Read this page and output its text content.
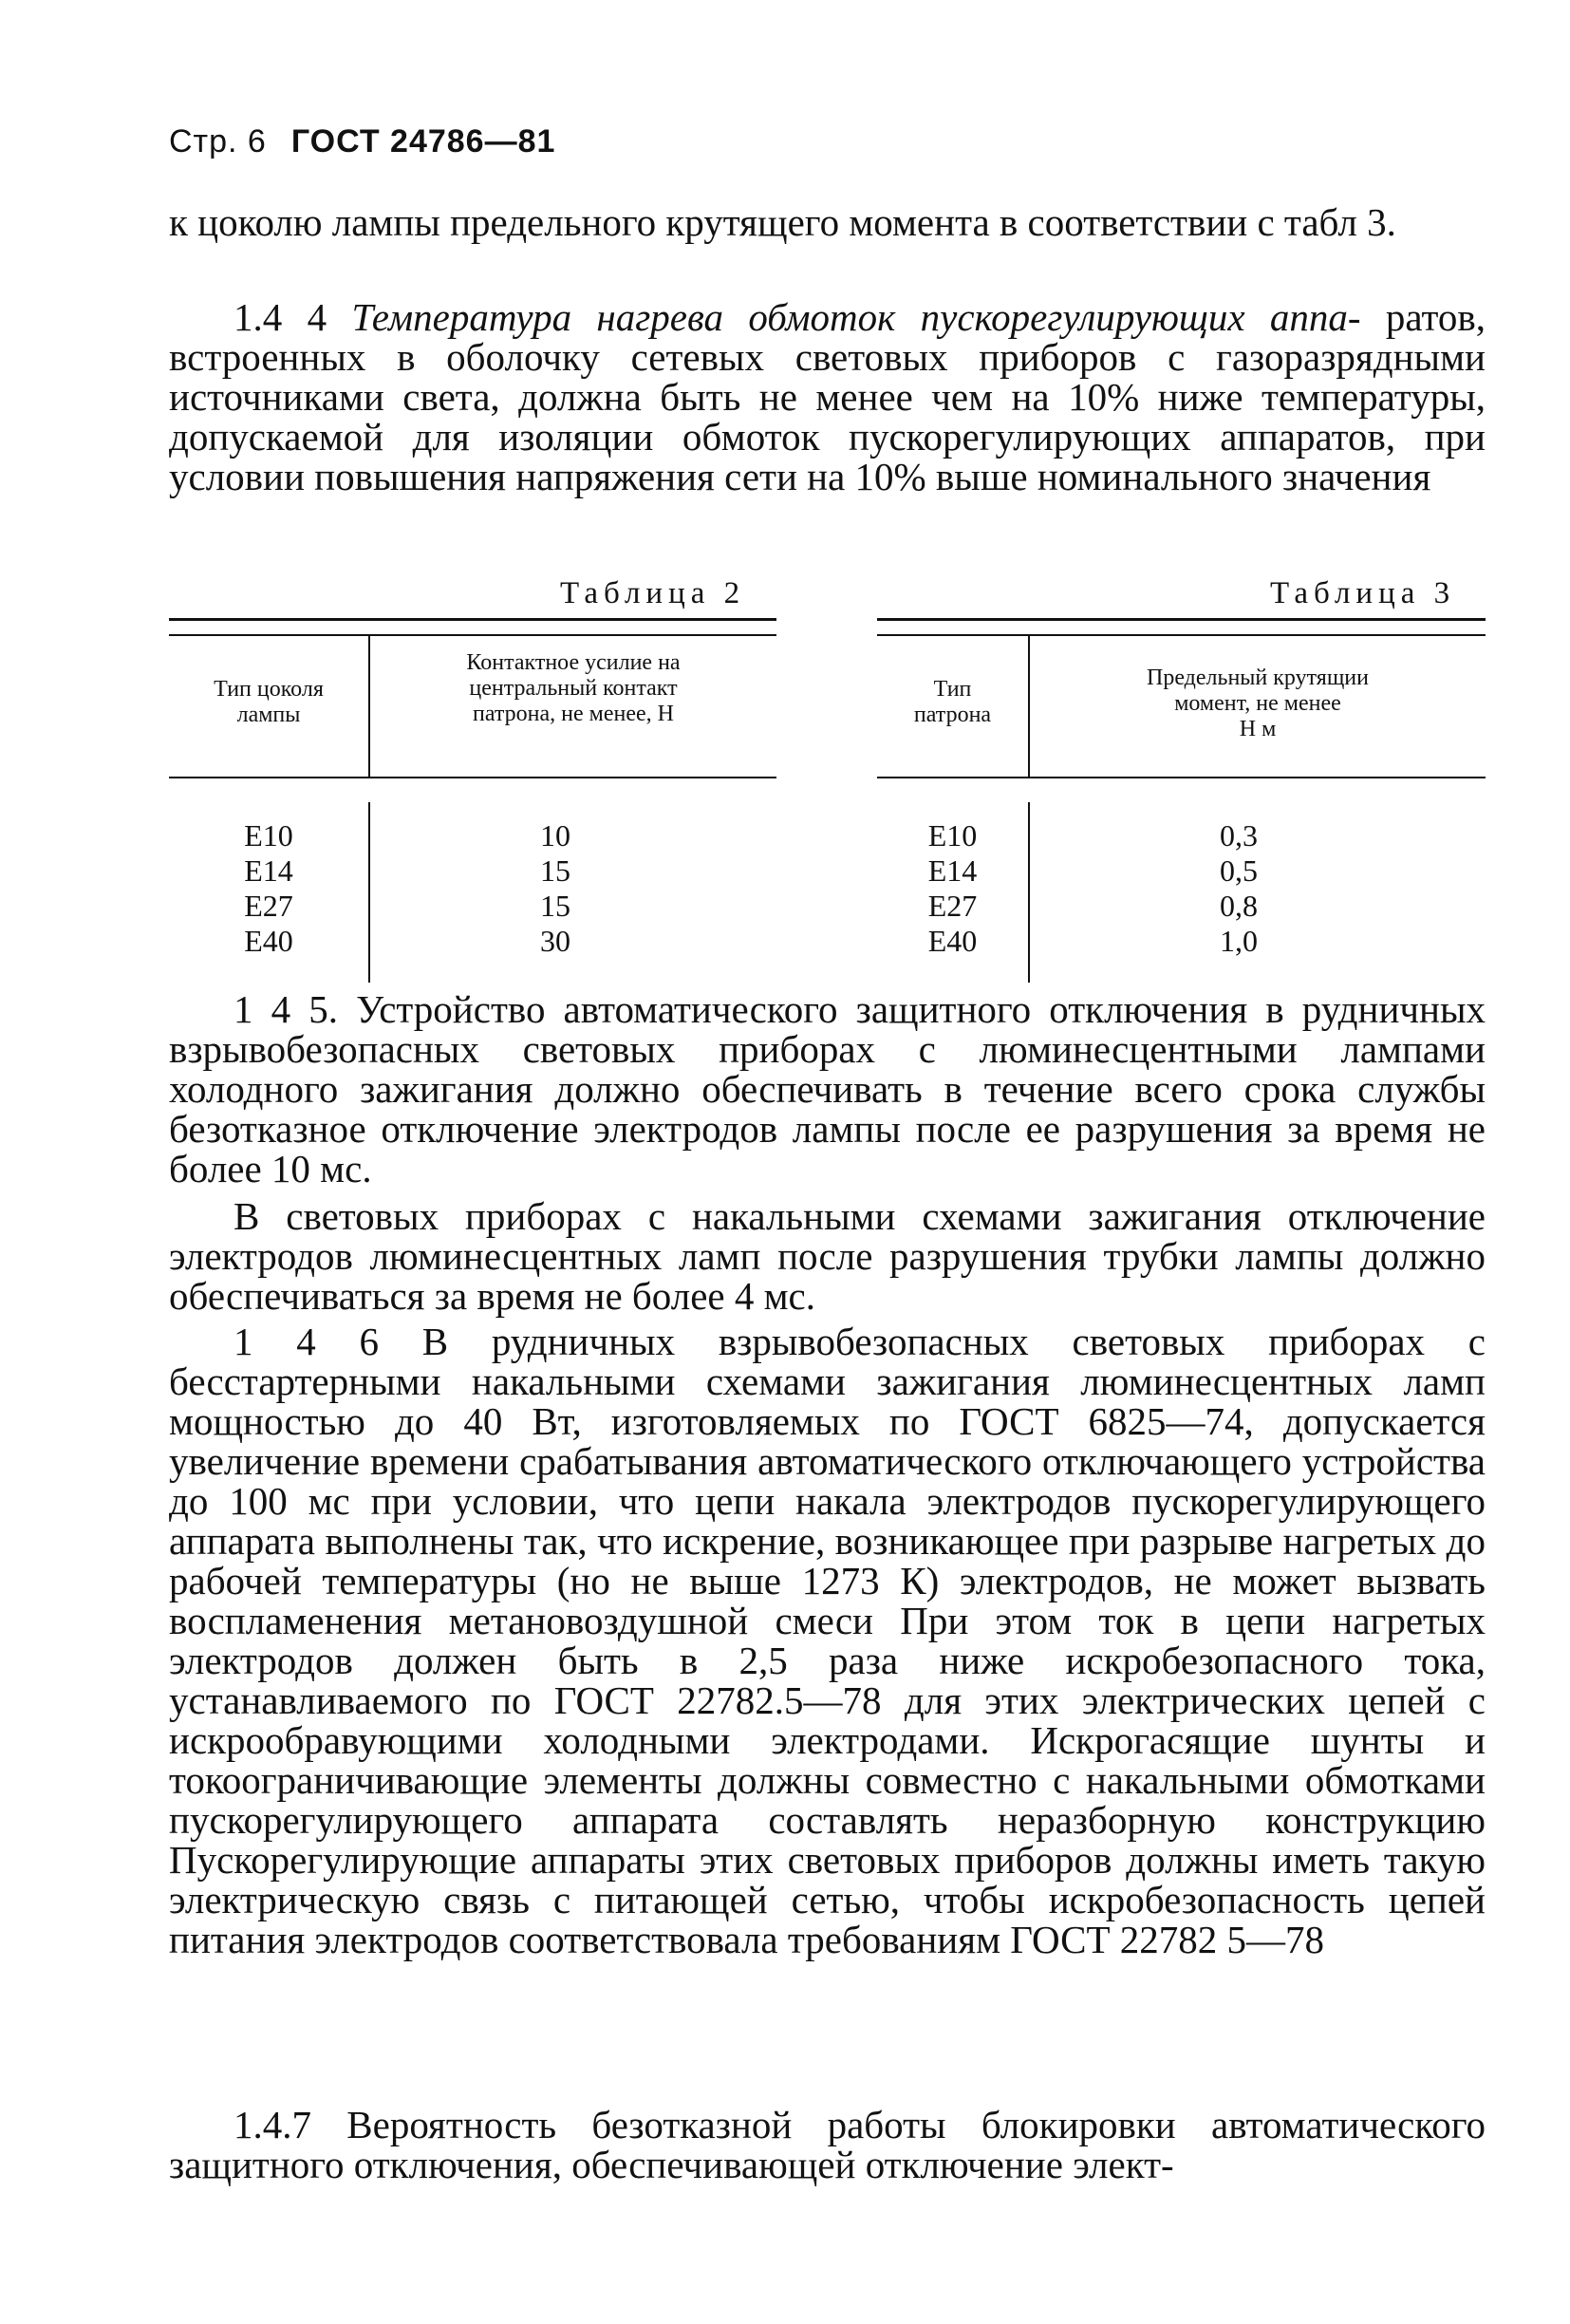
Стр. 6 ГОСТ 24786—81

к цоколю лампы предельного крутящего момента в соответствии с табл 3.

1.4 4 Температура нагрева обмоток пускорегулирующих аппа- ратов, встроенных в оболочку сетевых световых приборов с газоразрядными источниками света, должна быть не менее чем на 10% ниже температуры, допускаемой для изоляции обмоток пускорегулирующих аппаратов, при условии повышения напряжения сети на 10% выше номинального значения

Таблица 2
Тип цоколя
лампы
Контактное усилие на
центральный контакт
патрона, не менее, Н
E10
E14
E27
E40
10
15
15
30
Таблица 3
Тип
патрона
Предельный крутящии
момент, не менее
Н м
E10
E14
E27
E40
0,3
0,5
0,8
1,0

1 4 5. Устройство автоматического защитного отключения в рудничных взрывобезопасных световых приборах с люминесцентными лампами холодного зажигания должно обеспечивать в течение всего срока службы безотказное отключение электродов лампы после ее разрушения за время не более 10 мс.

В световых приборах с накальными схемами зажигания отключение электродов люминесцентных ламп после разрушения трубки лампы должно обеспечиваться за время не более 4 мс.

1 4 6 В рудничных взрывобезопасных световых приборах с бесстартерными накальными схемами зажигания люминесцентных ламп мощностью до 40 Вт, изготовляемых по ГОСТ 6825—74, допускается увеличение времени срабатывания автоматического отключающего устройства до 100 мс при условии, что цепи накала электродов пускорегулирующего аппарата выполнены так, что искрение, возникающее при разрыве нагретых до рабочей температуры (но не выше 1273 К) электродов, не может вызвать воспламенения метановоздушной смеси При этом ток в цепи нагретых электродов должен быть в 2,5 раза ниже искробезопасного тока, устанавливаемого по ГОСТ 22782.5—78 для этих электрических цепей с искрообравующими холодными электродами. Искрогасящие шунты и токоограничивающие элементы должны совместно с накальными обмотками пускорегулирующего аппарата составлять неразборную конструкцию Пускорегулирующие аппараты этих световых приборов должны иметь такую электрическую связь с питающей сетью, чтобы искробезопасность цепей питания электродов соответствовала требованиям ГОСТ 22782 5—78

1.4.7 Вероятность безотказной работы блокировки автоматического защитного отключения, обеспечивающей отключение элект-
